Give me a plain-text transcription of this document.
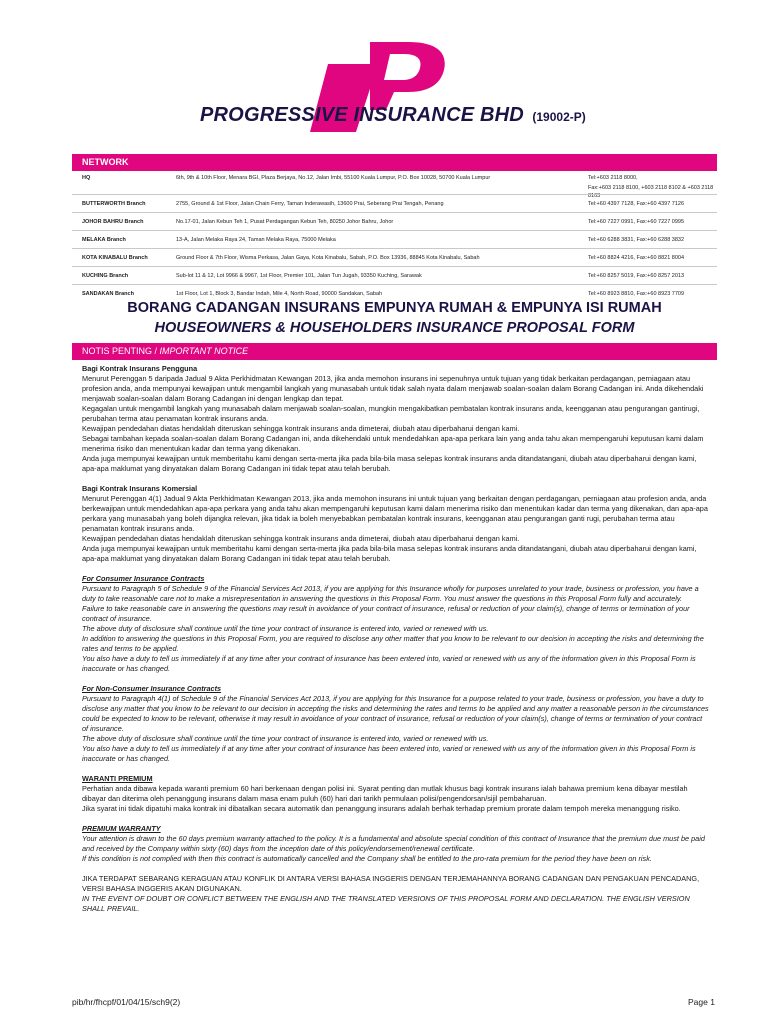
PROGRESSIVE INSURANCE BHD (19002-P)
NETWORK
HQ	6th, 9th & 10th Floor, Menara BGI, Plaza Berjaya, No.12, Jalan Imbi, 55100 Kuala Lumpur, P.O. Box 10028, 50700 Kuala Lumpur	Tel:+603 2118 8000,
Fax:+603 2118 8100, +603 2118 8102 & +603 2118 8103
BUTTERWORTH Branch	2755, Ground & 1st Floor, Jalan Chain Ferry, Taman Inderawasih, 13600 Prai, Seberang Prai Tengah, Penang	Tel:+60 4397 7128, Fax:+60 4397 7126
JOHOR BAHRU Branch	No.17-01, Jalan Kebun Teh 1, Pusat Perdagangan Kebun Teh, 80250 Johor Bahru, Johor	Tel:+60 7227 0991, Fax:+60 7227 0995
MELAKA Branch	13-A, Jalan Melaka Raya 24, Taman Melaka Raya, 75000 Melaka	Tel:+60 6288 3831, Fax:+60 6288 3832
KOTA KINABALU Branch	Ground Floor & 7th Floor, Wisma Perkasa, Jalan Gaya, Kota Kinabalu, Sabah, P.O. Box 13936, 88845 Kota Kinabalu, Sabah	Tel:+60 8824 4216, Fax:+60 8821 8004
KUCHING Branch	Sub-lot 11 & 12, Lot 9966 & 9967, 1st Floor, Premier 101, Jalan Tun Jugah, 93350 Kuching, Sarawak	Tel:+60 8257 5019, Fax:+60 8257 2013
SANDAKAN Branch	1st Floor, Lot 1, Block 3, Bandar Indah, Mile 4, North Road, 90000 Sandakan, Sabah	Tel:+60 8923 8810, Fax:+60 8923 7709
BORANG CADANGAN INSURANS EMPUNYA RUMAH & EMPUNYA ISI RUMAH
HOUSEOWNERS & HOUSEHOLDERS INSURANCE PROPOSAL FORM
NOTIS PENTING / IMPORTANT NOTICE
Bagi Kontrak Insurans Pengguna

Menurut Perenggan 5 daripada Jadual 9 Akta Perkhidmatan Kewangan 2013, jika anda memohon insurans ini sepenuhnya untuk tujuan yang tidak berkaitan perdagangan, perniagaan atau profesion anda, anda mempunyai kewajipan untuk mengambil langkah yang munasabah untuk tidak salah nyata dalam menjawab soalan-soalan dalam Borang Cadangan ini. Anda dikehendaki menjawab soalan-soalan dalam Borang Cadangan ini dengan lengkap dan tepat.

Kegagalan untuk mengambil langkah yang munasabah dalam menjawab soalan-soalan, mungkin mengakibatkan pembatalan kontrak insurans anda, keengganan atau pengurangan gantirugi, perubahan terma atau penamatan kontrak insurans anda.

Kewajipan pendedahan diatas hendaklah diteruskan sehingga kontrak insurans anda dimeterai, diubah atau diperbaharui dengan kami.

Sebagai tambahan kepada soalan-soalan dalam Borang Cadangan ini, anda dikehendaki untuk mendedahkan apa-apa perkara lain yang anda tahu akan mempengaruhi keputusan kami dalam menerima risiko dan menentukan kadar dan terma yang dikenakan.

Anda juga mempunyai kewajipan untuk memberitahu kami dengan serta-merta jika pada bila-bila masa selepas kontrak insurans anda ditandatangani, diubah atau diperbaharui dengan kami, apa-apa maklumat yang dinyatakan dalam Borang Cadangan ini tidak tepat atau telah berubah.

Bagi Kontrak Insurans Komersial

Menurut Perenggan 4(1) Jadual 9 Akta Perkhidmatan Kewangan 2013, jika anda memohon insurans ini untuk tujuan yang berkaitan dengan perdagangan, perniagaan atau profesion anda, anda berkewajipan untuk mendedahkan apa-apa perkara yang anda tahu akan mempengaruhi keputusan kami dalam menerima risiko dan menentukan kadar dan terma yang dikenakan, dan apa-apa perkara yang munasabah yang boleh dijangka relevan, jika tidak ia boleh menyebabkan pembatalan kontrak insurans, keengganan atau pengurangan ganti rugi, perubahan terma atau penamatan kontrak insurans anda.

Kewajipan pendedahan diatas hendaklah diteruskan sehingga kontrak insurans anda dimeterai, diubah atau diperbaharui dengan kami.

Anda juga mempunyai kewajipan untuk memberitahu kami dengan serta-merta jika pada bila-bila masa selepas kontrak insurans anda ditandatangani, diubah atau diperbaharui dengan kami, apa-apa maklumat yang dinyatakan dalam Borang Cadangan ini tidak tepat atau telah berubah.

For Consumer Insurance Contracts

Pursuant to Paragraph 5 of Schedule 9 of the Financial Services Act 2013, if you are applying for this Insurance wholly for purposes unrelated to your trade, business or profession, you have a duty to take reasonable care not to make a misrepresentation in answering the questions in this Proposal Form. You must answer the questions in this Proposal Form fully and accurately.

Failure to take reasonable care in answering the questions may result in avoidance of your contract of insurance, refusal or reduction of your claim(s), change of terms or termination of your contract of insurance.

The above duty of disclosure shall continue until the time your contract of insurance is entered into, varied or renewed with us.

In addition to answering the questions in this Proposal Form, you are required to disclose any other matter that you know to be relevant to our decision in accepting the risks and determining the rates and terms to be applied.

You also have a duty to tell us immediately if at any time after your contract of insurance has been entered into, varied or renewed with us any of the information given in this Proposal Form is inaccurate or has changed.

For Non-Consumer Insurance Contracts

Pursuant to Paragraph 4(1) of Schedule 9 of the Financial Services Act 2013, if you are applying for this Insurance for a purpose related to your trade, business or profession, you have a duty to disclose any matter that you know to be relevant to our decision in accepting the risks and determining the rates and terms to be applied and any matter a reasonable person in the circumstances could be expected to know to be relevant, otherwise it may result in avoidance of your contract of insurance, refusal or reduction of your claim(s), change of terms or termination of your contract of insurance.

The above duty of disclosure shall continue until the time your contract of insurance is entered into, varied or renewed with us.

You also have a duty to tell us immediately if at any time after your contract of insurance has been entered into, varied or renewed with us any of the information given in this Proposal Form is inaccurate or has changed.

WARANTI PREMIUM

Perhatian anda dibawa kepada waranti premium 60 hari berkenaan dengan polisi ini. Syarat penting dan mutlak khusus bagi kontrak insurans ialah bahawa premium kena dibayar mestilah dibayar dan diterima oleh penanggung insurans dalam masa enam puluh (60) hari dari tarikh permulaan polisi/pengendorsan/sijil pembaharuan.

Jika syarat ini tidak dipatuhi maka kontrak ini dibatalkan secara automatik dan penanggung insurans adalah berhak terhadap premium prorate dalam tempoh mereka menanggung risiko.

PREMIUM WARRANTY

Your attention is drawn to the 60 days premium warranty attached to the policy. It is a fundamental and absolute special condition of this contract of Insurance that the premium due must be paid and received by the Company within sixty (60) days from the inception date of this policy/endorsement/renewal certificate.

If this condition is not complied with then this contract is automatically cancelled and the Company shall be entitled to the pro-rata premium for the period they have been on risk.

JIKA TERDAPAT SEBARANG KERAGUAN ATAU KONFLIK DI ANTARA VERSI BAHASA INGGERIS DENGAN TERJEMAHANNYA BORANG CADANGAN DAN PENGAKUAN PENCADANG, VERSI BAHASA INGGERIS AKAN DIGUNAKAN.

IN THE EVENT OF DOUBT OR CONFLICT BETWEEN THE ENGLISH AND THE TRANSLATED VERSIONS OF THIS PROPOSAL FORM AND DECLARATION. THE ENGLISH VERSION SHALL PREVAIL.

pib/hr/fhcpf/01/04/15/sch9(2)	Page 1
